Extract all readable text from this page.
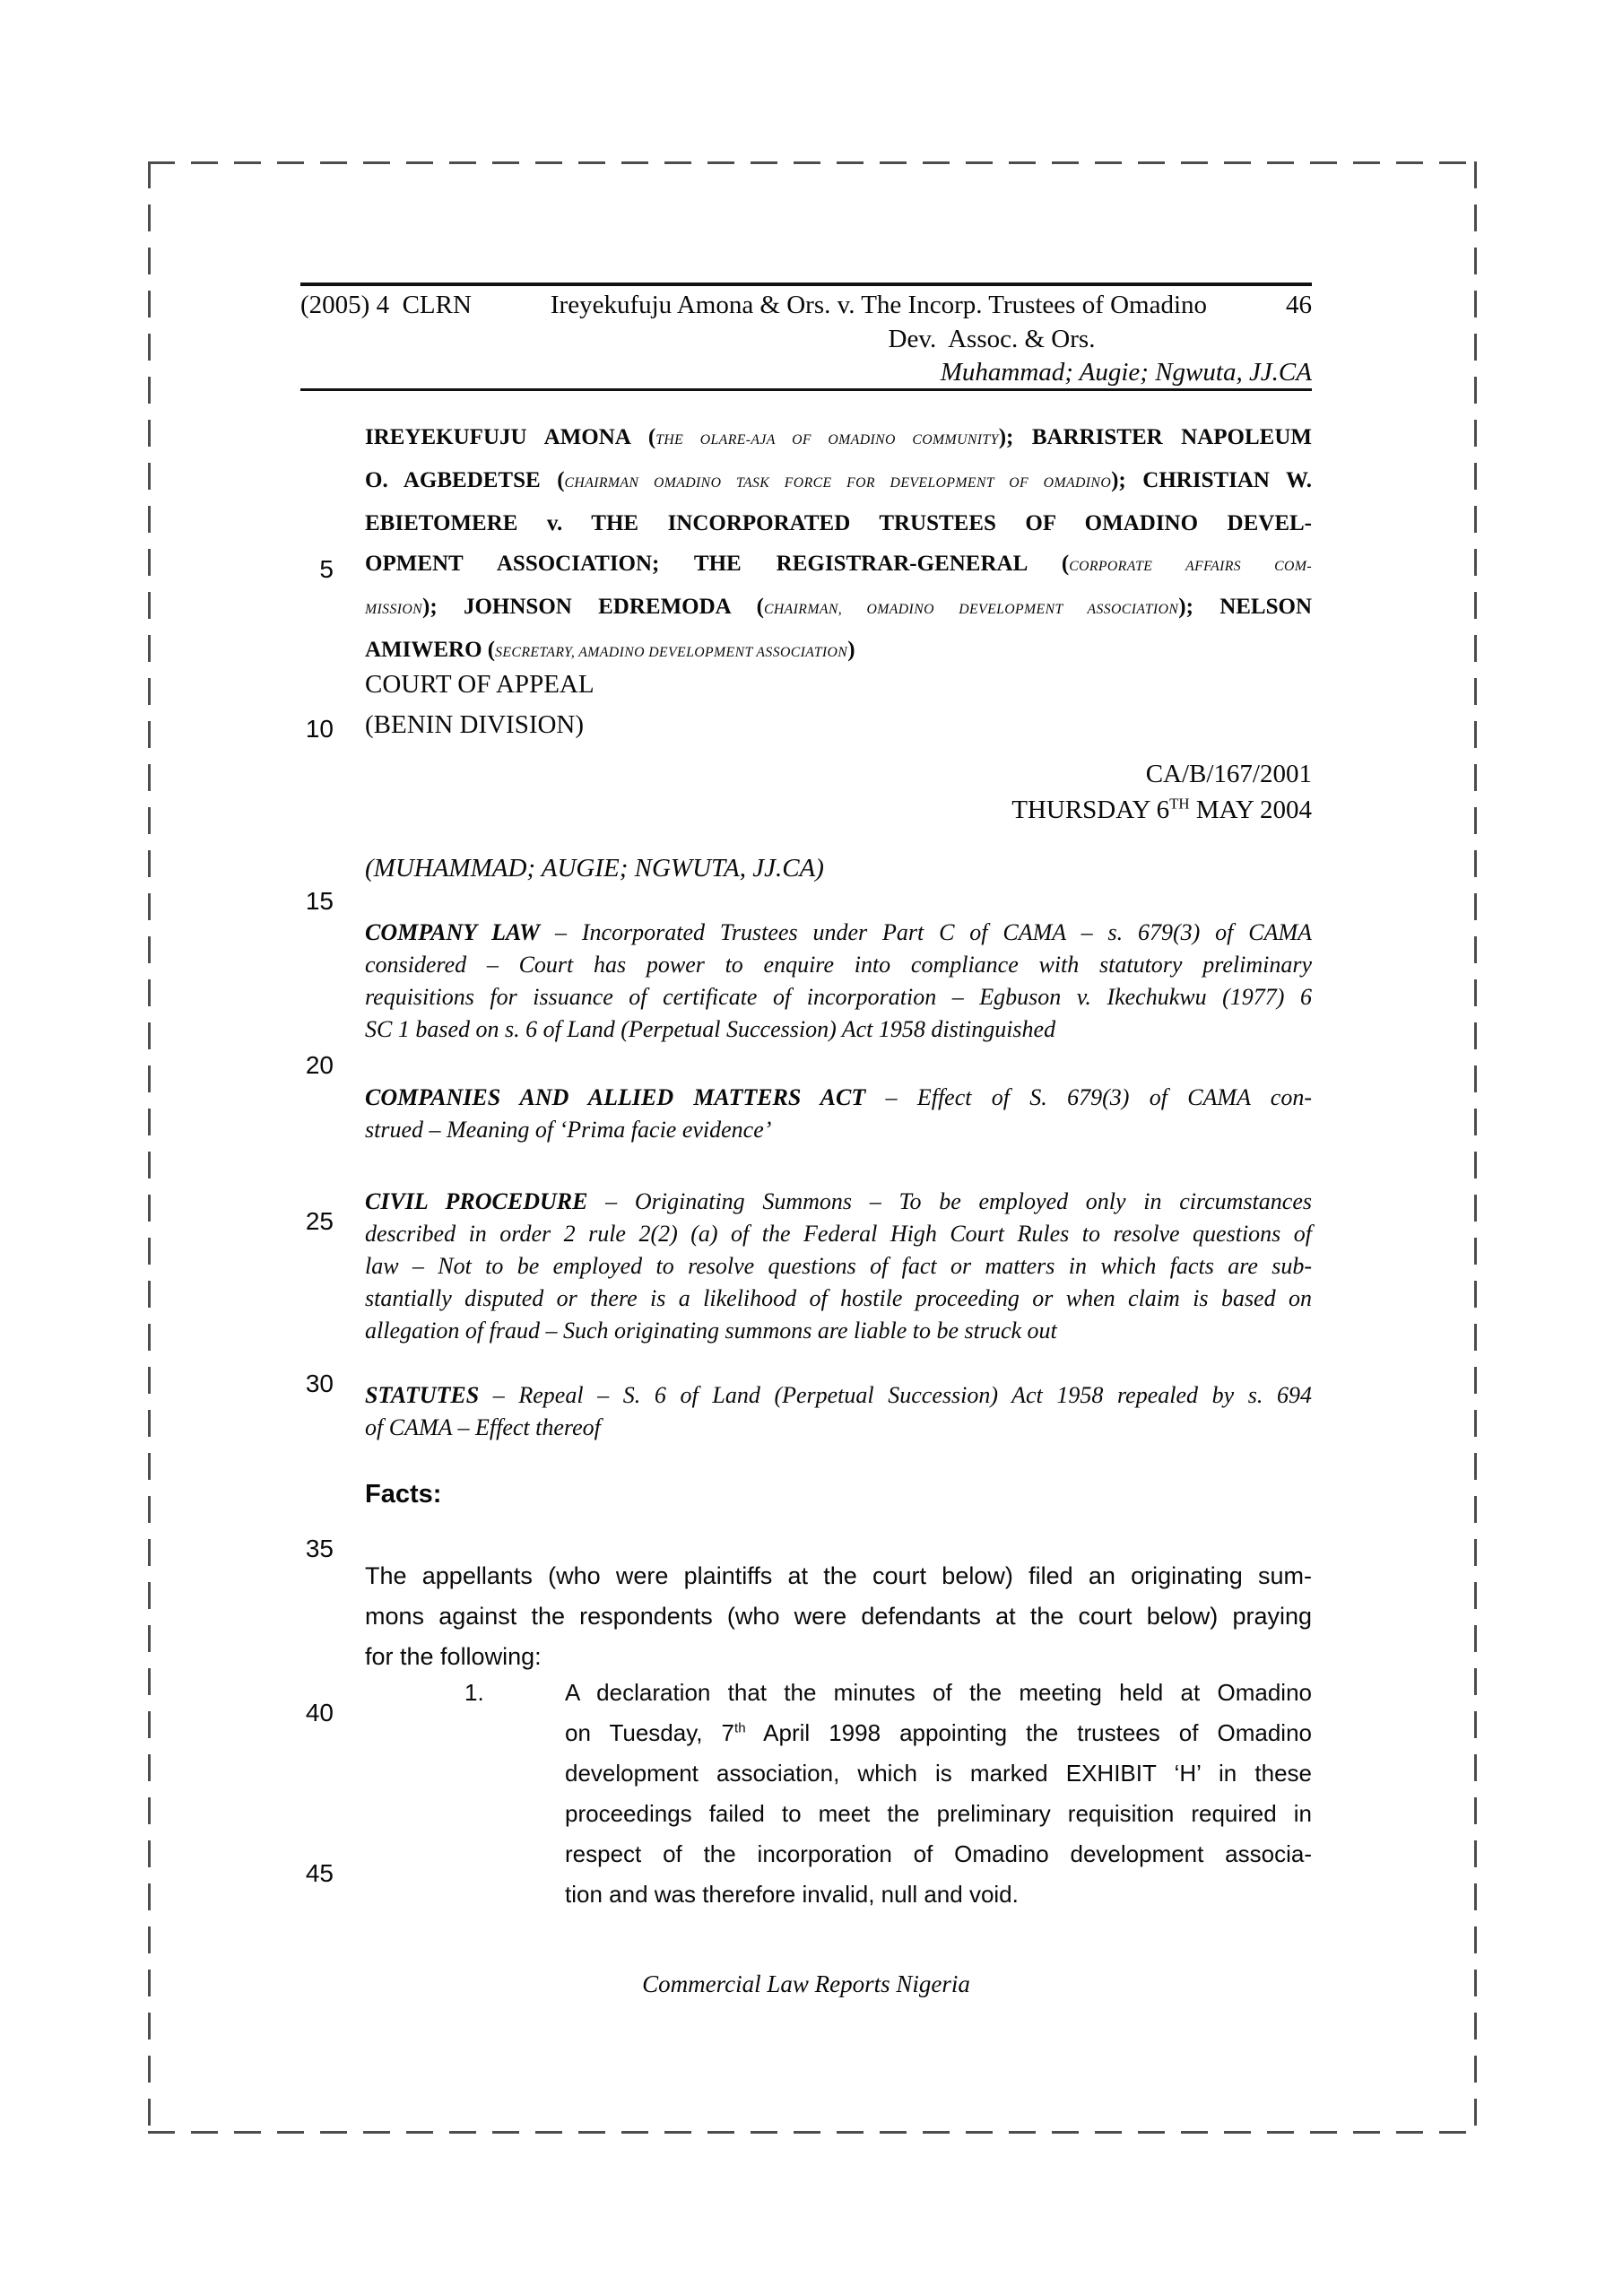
(2005) 4  CLRN	Ireyekufuju Amona & Ors. v. The Incorp. Trustees of Omadino	46
Dev.  Assoc. & Ors.
Muhammad; Augie; Ngwuta, JJ.CA
IREYEKUFUJU AMONA (THE OLARE-AJA OF OMADINO COMMUNITY); BARRISTER NAPOLEUM
O. AGBEDETSE (CHAIRMAN OMADINO TASK FORCE FOR DEVELOPMENT OF OMADINO); CHRISTIAN W.
EBIETOMERE v. THE INCORPORATED TRUSTEES OF OMADINO DEVEL-
OPMENT ASSOCIATION; THE REGISTRAR-GENERAL (CORPORATE AFFAIRS COM-
MISSION); JOHNSON EDREMODA (CHAIRMAN, OMADINO DEVELOPMENT ASSOCIATION); NELSON
AMIWERO (SECRETARY, AMADINO DEVELOPMENT ASSOCIATION)
COURT OF APPEAL
(BENIN DIVISION)
CA/B/167/2001
THURSDAY 6TH MAY 2004
(MUHAMMAD; AUGIE; NGWUTA, JJ.CA)
COMPANY LAW – Incorporated Trustees under Part C of CAMA – s. 679(3) of CAMA
considered – Court has power to enquire into compliance with statutory preliminary
requisitions for issuance of certificate of incorporation – Egbuson v. Ikechukwu (1977) 6
SC 1 based on s. 6 of Land (Perpetual Succession) Act 1958 distinguished
COMPANIES AND ALLIED MATTERS ACT – Effect of S. 679(3) of CAMA con-
strued – Meaning of ‘Prima facie evidence’
CIVIL PROCEDURE – Originating Summons – To be employed only in circumstances
described in order 2 rule 2(2) (a) of the Federal High Court Rules to resolve questions of
law – Not to be employed to resolve questions of fact or matters in which facts are sub-
stantially disputed or there is a likelihood of hostile proceeding or when claim is based on
allegation of fraud – Such originating summons are liable to be struck out
STATUTES – Repeal – S. 6 of Land (Perpetual Succession) Act 1958 repealed by s. 694
of CAMA – Effect thereof
Facts:
The appellants (who were plaintiffs at the court below) filed an originating sum-
mons against the respondents (who were defendants at the court below) praying
for the following:
1.	A declaration that the minutes of the meeting held at Omadino
on Tuesday, 7th April 1998 appointing the trustees of Omadino
development association, which is marked EXHIBIT ‘H’ in these
proceedings failed to meet the preliminary requisition required in
respect of the incorporation of Omadino development associa-
tion and was therefore invalid, null and void.
Commercial Law Reports Nigeria
5
10
15
20
25
30
35
40
45
